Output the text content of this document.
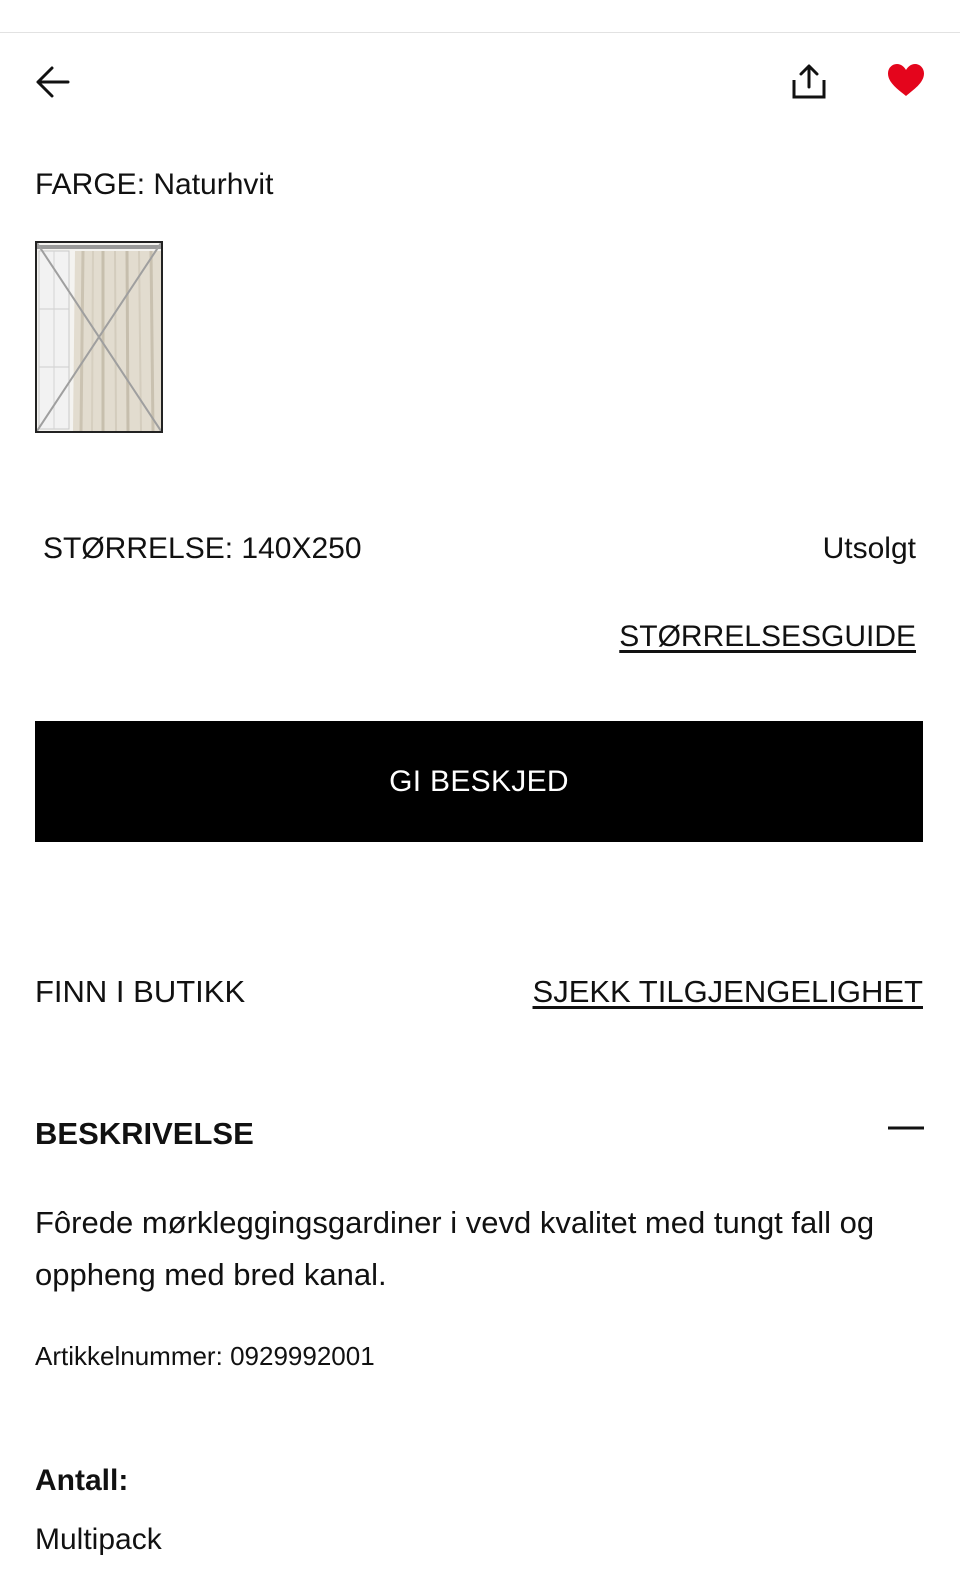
FARGE: Naturhvit
STØRRELSE: 140X250	Utsolgt
STØRRELSESGUIDE
GI BESKJED
FINN I BUTIKK	SJEKK TILGJENGELIGHET
BESKRIVELSE
Fôrede mørkleggingsgardiner i vevd kvalitet med tungt fall og oppheng med bred kanal.
Artikkelnummer: 0929992001
Antall:
Multipack
